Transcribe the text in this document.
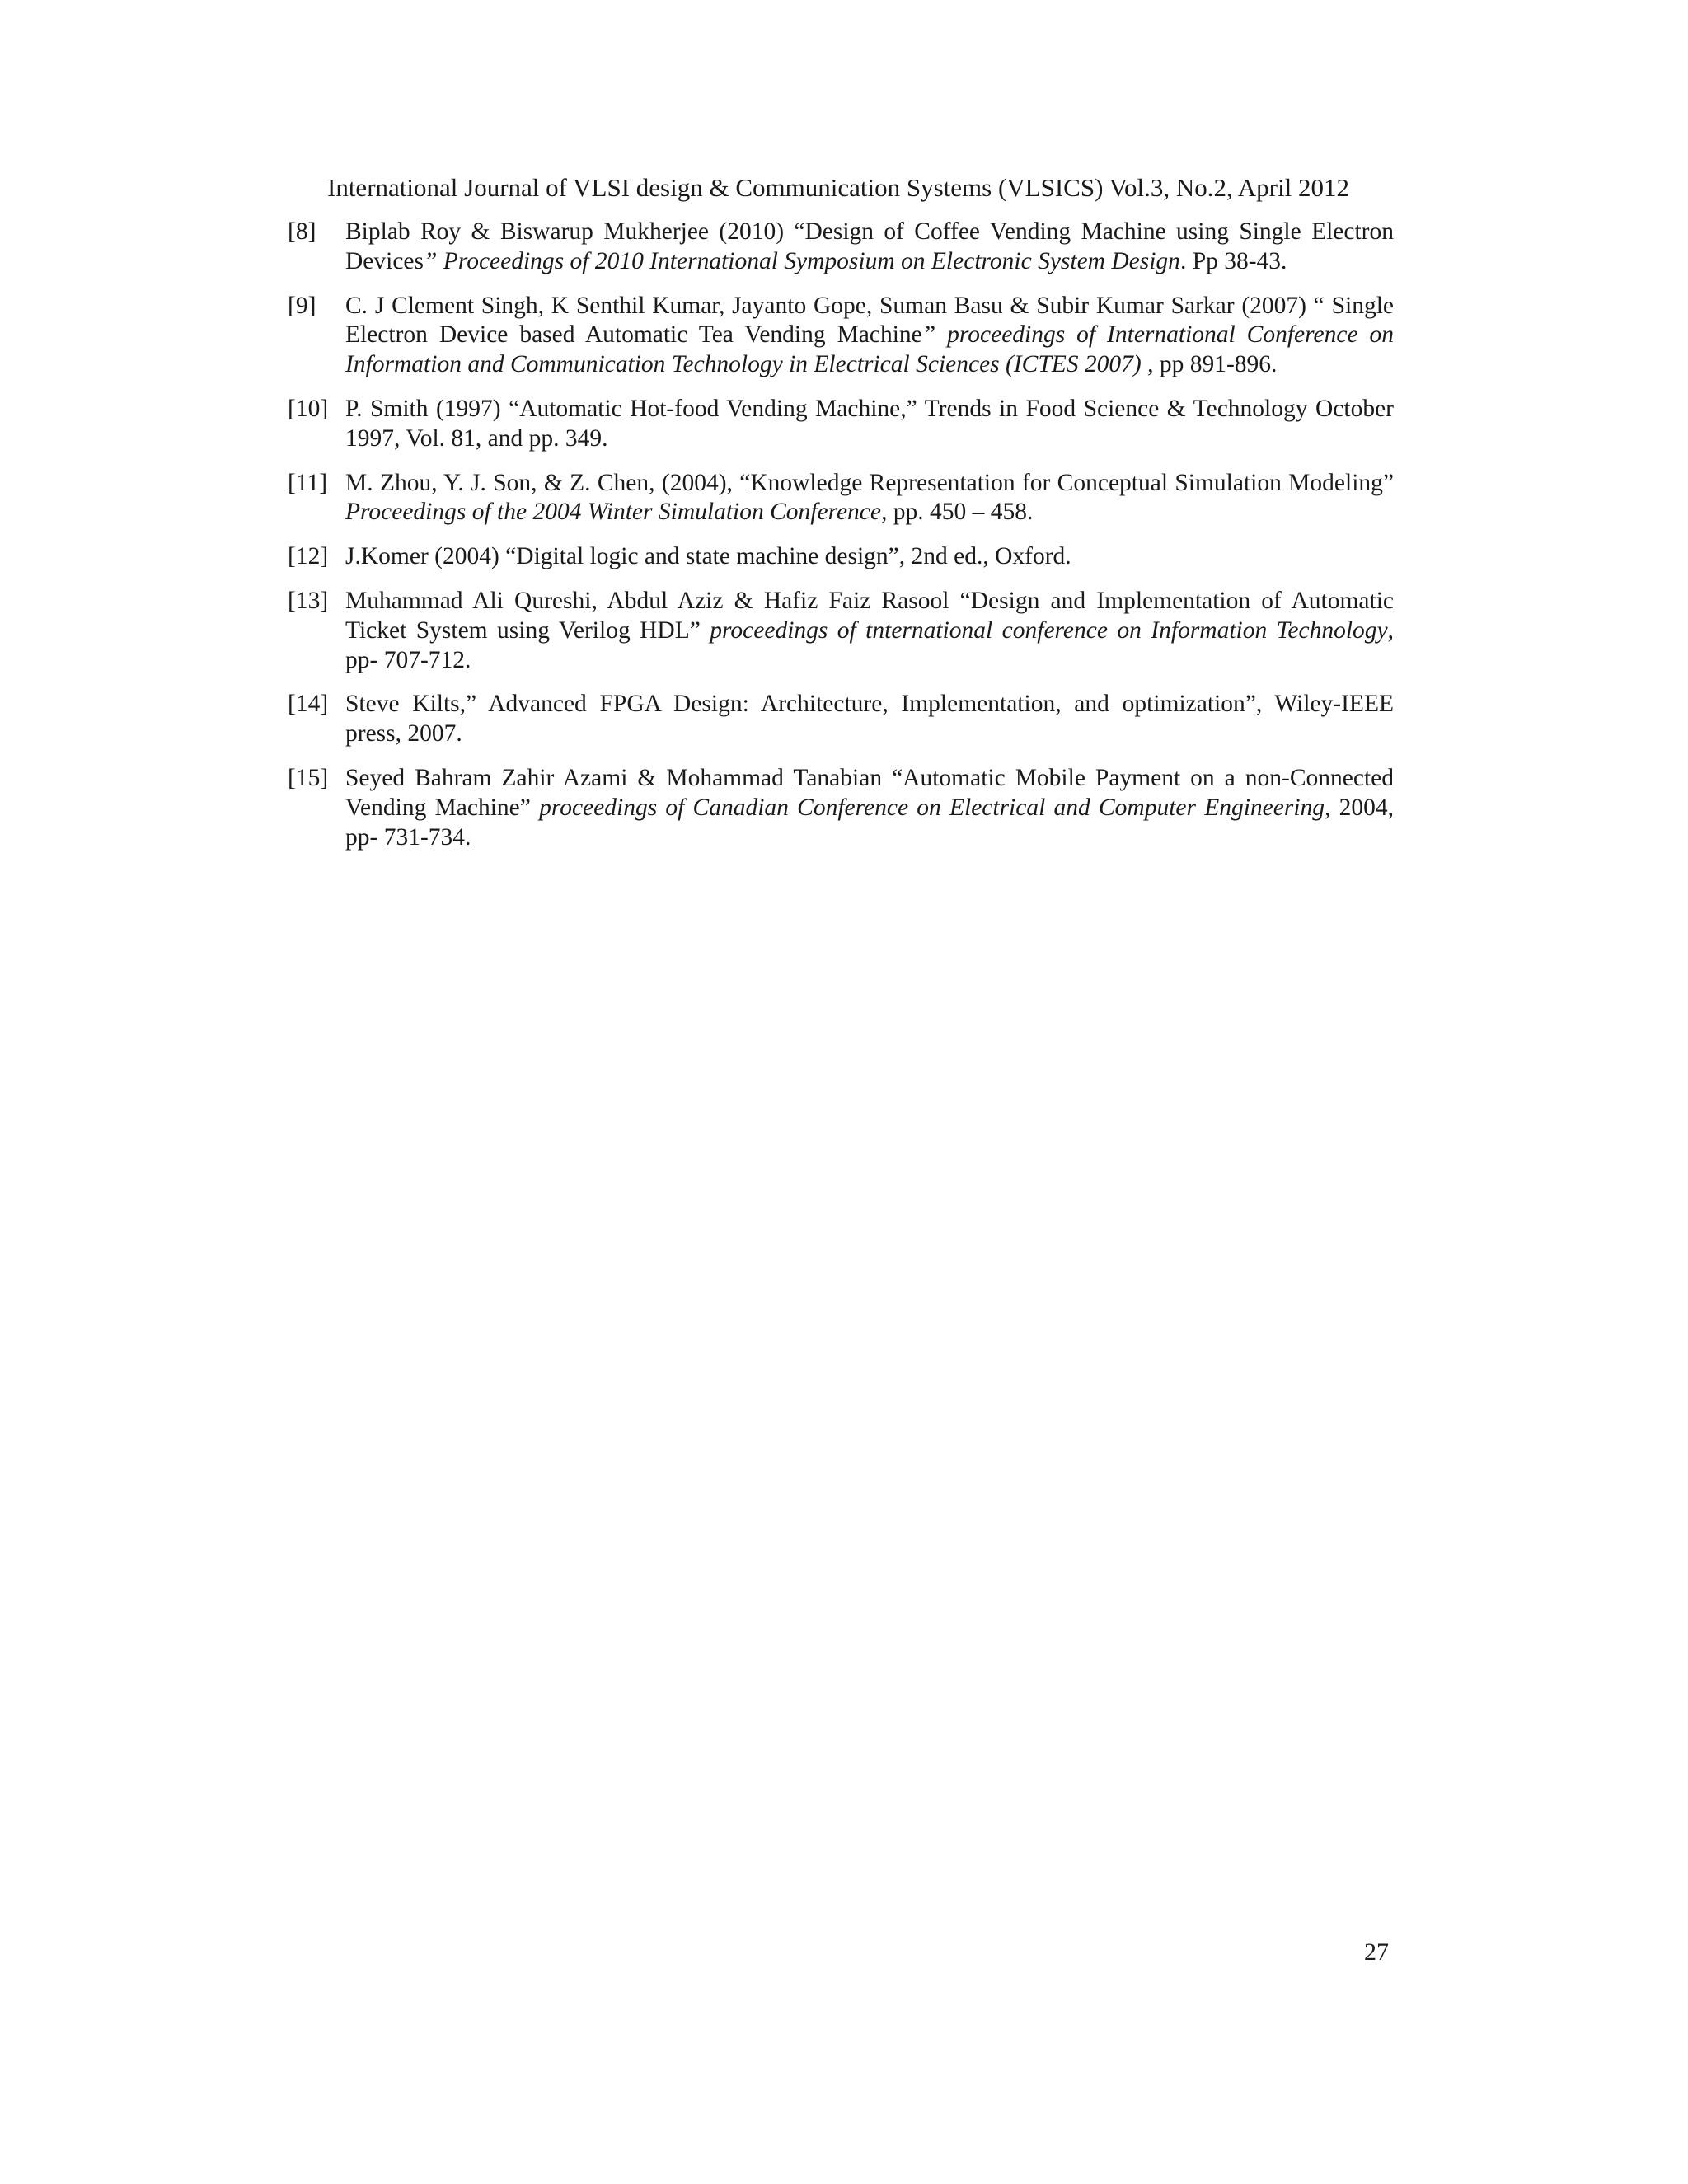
International Journal of VLSI design & Communication Systems (VLSICS) Vol.3, No.2, April 2012
[8]	Biplab Roy & Biswarup Mukherjee (2010) “Design of Coffee Vending Machine using Single Electron Devices” Proceedings of 2010 International Symposium on Electronic System Design. Pp 38-43.
[9]	C. J Clement Singh, K Senthil Kumar, Jayanto Gope, Suman Basu & Subir Kumar Sarkar (2007) “ Single Electron Device based Automatic Tea Vending Machine” proceedings of International Conference on Information and Communication Technology in Electrical Sciences (ICTES 2007) , pp 891-896.
[10] P. Smith (1997) “Automatic Hot-food Vending Machine,” Trends in Food Science & Technology October 1997, Vol. 81, and pp. 349.
[11] M. Zhou, Y. J. Son, & Z. Chen, (2004), “Knowledge Representation for Conceptual Simulation Modeling” Proceedings of the 2004 Winter Simulation Conference, pp. 450 – 458.
[12] J.Komer (2004) “Digital logic and state machine design”, 2nd ed., Oxford.
[13] Muhammad Ali Qureshi, Abdul Aziz & Hafiz Faiz Rasool “Design and Implementation of Automatic Ticket System using Verilog HDL” proceedings of tnternational conference on Information Technology, pp- 707-712.
[14] Steve Kilts,” Advanced FPGA Design: Architecture, Implementation, and optimization”, Wiley-IEEE press, 2007.
[15] Seyed Bahram Zahir Azami & Mohammad Tanabian “Automatic Mobile Payment on a non-Connected Vending Machine” proceedings of Canadian Conference on Electrical and Computer Engineering, 2004, pp- 731-734.
27
